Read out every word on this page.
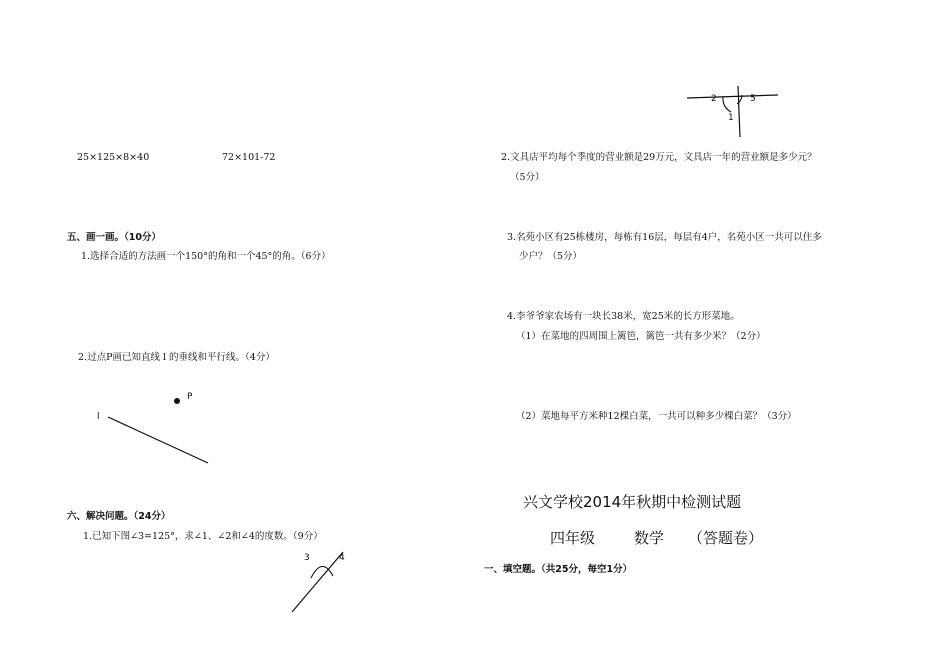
25×125×8×40	72×101-72
五、画一画。（10分）
1.选择合适的方法画一个150°的角和一个45°的角。（6分）
2.过点P画已知直线 l 的垂线和平行线。（4分）
六、解决问题。（24分）
1.已知下图∠3=125°，求∠1、∠2和∠4的度数。（9分）
2.文具店平均每个季度的营业额是29万元，文具店一年的营业额是多少元？
（5分）
3.名苑小区有25栋楼房，每栋有16层，每层有4户，名苑小区一共可以住多
少户？（5分）
4.李爷爷家农场有一块长38米，宽25米的长方形菜地。
（1）在菜地的四周围上篱笆，篱笆一共有多少米？（2分）
（2）菜地每平方米种12棵白菜，一共可以种多少棵白菜？（3分）
兴文学校2014年秋期中检测试题
四年级	数学 （答题卷）
一、填空题。（共25分，每空1分）
P
l
3	4
2	5
1
